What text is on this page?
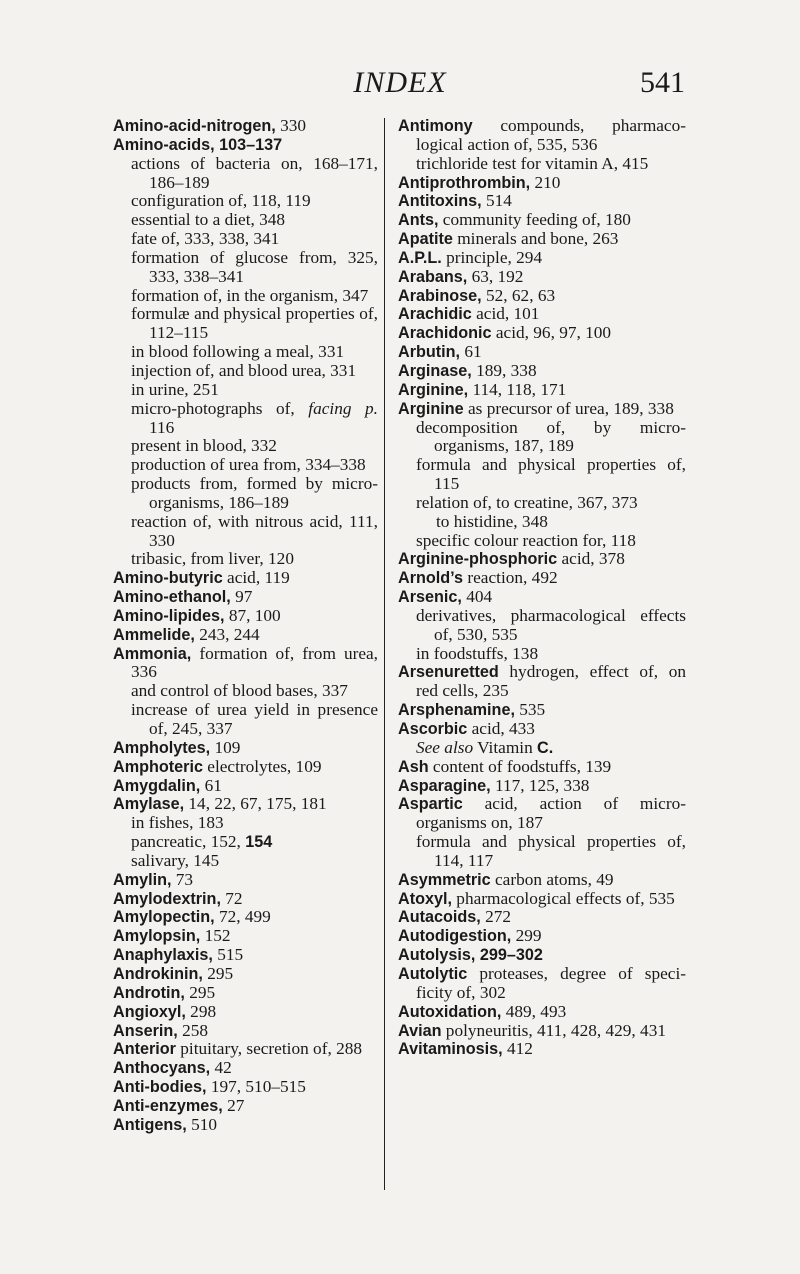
INDEX	541

Amino-acid-nitrogen, 330

Amino-acids, 103–137

actions of bacteria on, 168–171, 186–189

configuration of, 118, 119

essential to a diet, 348

fate of, 333, 338, 341

formation of glucose from, 325, 333, 338–341

formation of, in the organism, 347

formulæ and physical properties of, 112–115

in blood following a meal, 331

injection of, and blood urea, 331

in urine, 251

micro-photographs of, facing p. 116

present in blood, 332

production of urea from, 334–338

products from, formed by micro-organisms, 186–189

reaction of, with nitrous acid, 111, 330

tribasic, from liver, 120

Amino-butyric acid, 119

Amino-ethanol, 97

Amino-lipides, 87, 100

Ammelide, 243, 244

Ammonia, formation of, from urea, 336

and control of blood bases, 337

increase of urea yield in presence of, 245, 337

Ampholytes, 109

Amphoteric electrolytes, 109

Amygdalin, 61

Amylase, 14, 22, 67, 175, 181

in fishes, 183

pancreatic, 152, 154

salivary, 145

Amylin, 73

Amylodextrin, 72

Amylopectin, 72, 499

Amylopsin, 152

Anaphylaxis, 515

Androkinin, 295

Androtin, 295

Angioxyl, 298

Anserin, 258

Anterior pituitary, secretion of, 288

Anthocyans, 42

Anti-bodies, 197, 510–515

Anti-enzymes, 27

Antigens, 510

Antimony compounds, pharmaco-logical action of, 535, 536

trichloride test for vitamin A, 415

Antiprothrombin, 210

Antitoxins, 514

Ants, community feeding of, 180

Apatite minerals and bone, 263

A.P.L. principle, 294

Arabans, 63, 192

Arabinose, 52, 62, 63

Arachidic acid, 101

Arachidonic acid, 96, 97, 100

Arbutin, 61

Arginase, 189, 338

Arginine, 114, 118, 171

Arginine as precursor of urea, 189, 338

decomposition of, by micro-organisms, 187, 189

formula and physical properties of, 115

relation of, to creatine, 367, 373

to histidine, 348

specific colour reaction for, 118

Arginine-phosphoric acid, 378

Arnold’s reaction, 492

Arsenic, 404

derivatives, pharmacological effects of, 530, 535

in foodstuffs, 138

Arsenuretted hydrogen, effect of, on red cells, 235

Arsphenamine, 535

Ascorbic acid, 433

See also Vitamin C.

Ash content of foodstuffs, 139

Asparagine, 117, 125, 338

Aspartic acid, action of micro-organisms on, 187

formula and physical properties of, 114, 117

Asymmetric carbon atoms, 49

Atoxyl, pharmacological effects of, 535

Autacoids, 272

Autodigestion, 299

Autolysis, 299–302

Autolytic proteases, degree of speci-ficity of, 302

Autoxidation, 489, 493

Avian polyneuritis, 411, 428, 429, 431

Avitaminosis, 412
